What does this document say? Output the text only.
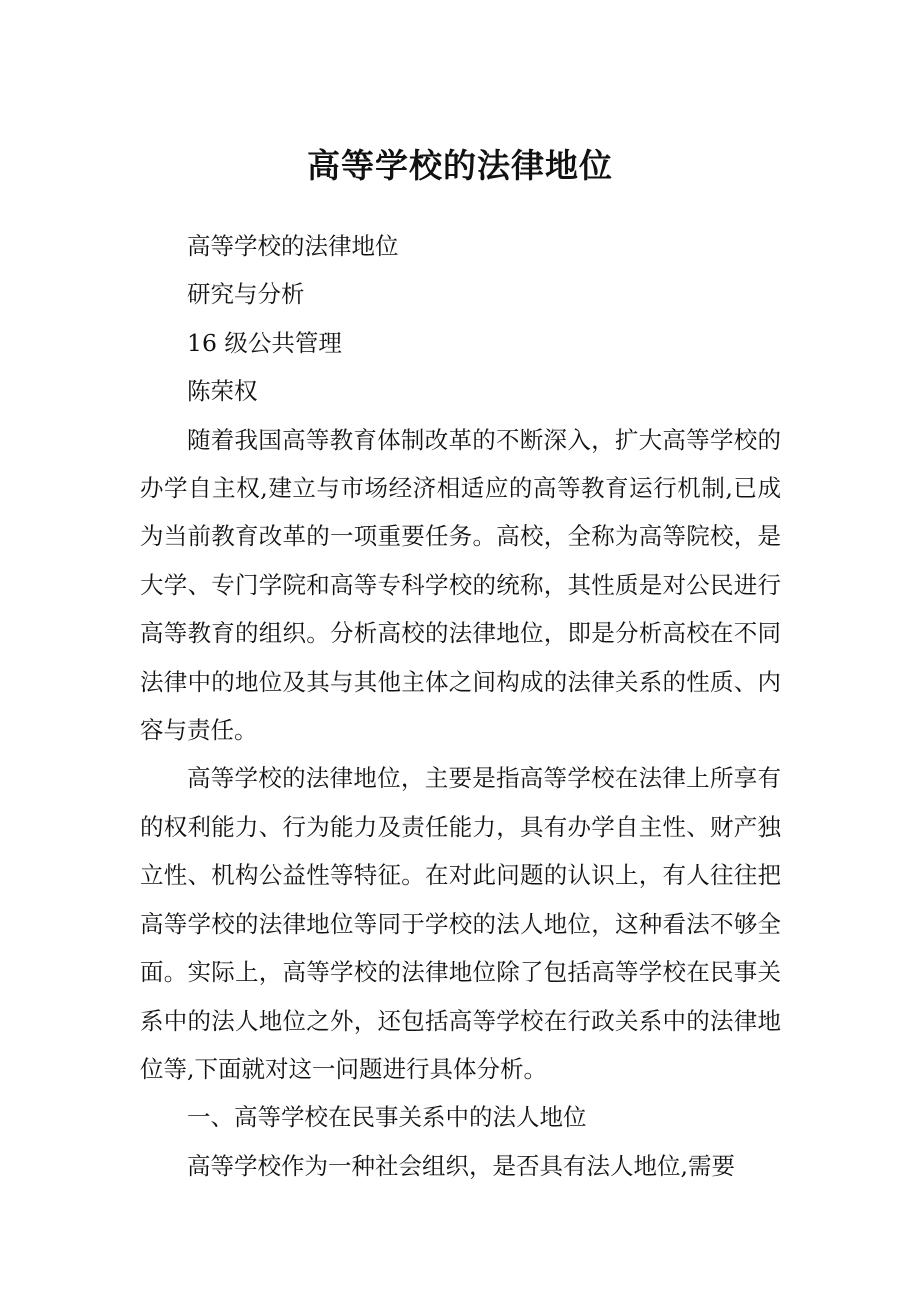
高等学校的法律地位

高等学校的法律地位

研究与分析

16 级公共管理

陈荣权

随着我国高等教育体制改革的不断深入，扩大高等学校的办学自主权,建立与市场经济相适应的高等教育运行机制,已成为当前教育改革的一项重要任务。高校，全称为高等院校，是大学、专门学院和高等专科学校的统称，其性质是对公民进行高等教育的组织。分析高校的法律地位，即是分析高校在不同法律中的地位及其与其他主体之间构成的法律关系的性质、内容与责任。

高等学校的法律地位，主要是指高等学校在法律上所享有的权利能力、行为能力及责任能力，具有办学自主性、财产独立性、机构公益性等特征。在对此问题的认识上，有人往往把高等学校的法律地位等同于学校的法人地位，这种看法不够全面。实际上，高等学校的法律地位除了包括高等学校在民事关系中的法人地位之外，还包括高等学校在行政关系中的法律地位等,下面就对这一问题进行具体分析。

一、高等学校在民事关系中的法人地位

高等学校作为一种社会组织，是否具有法人地位,需要
